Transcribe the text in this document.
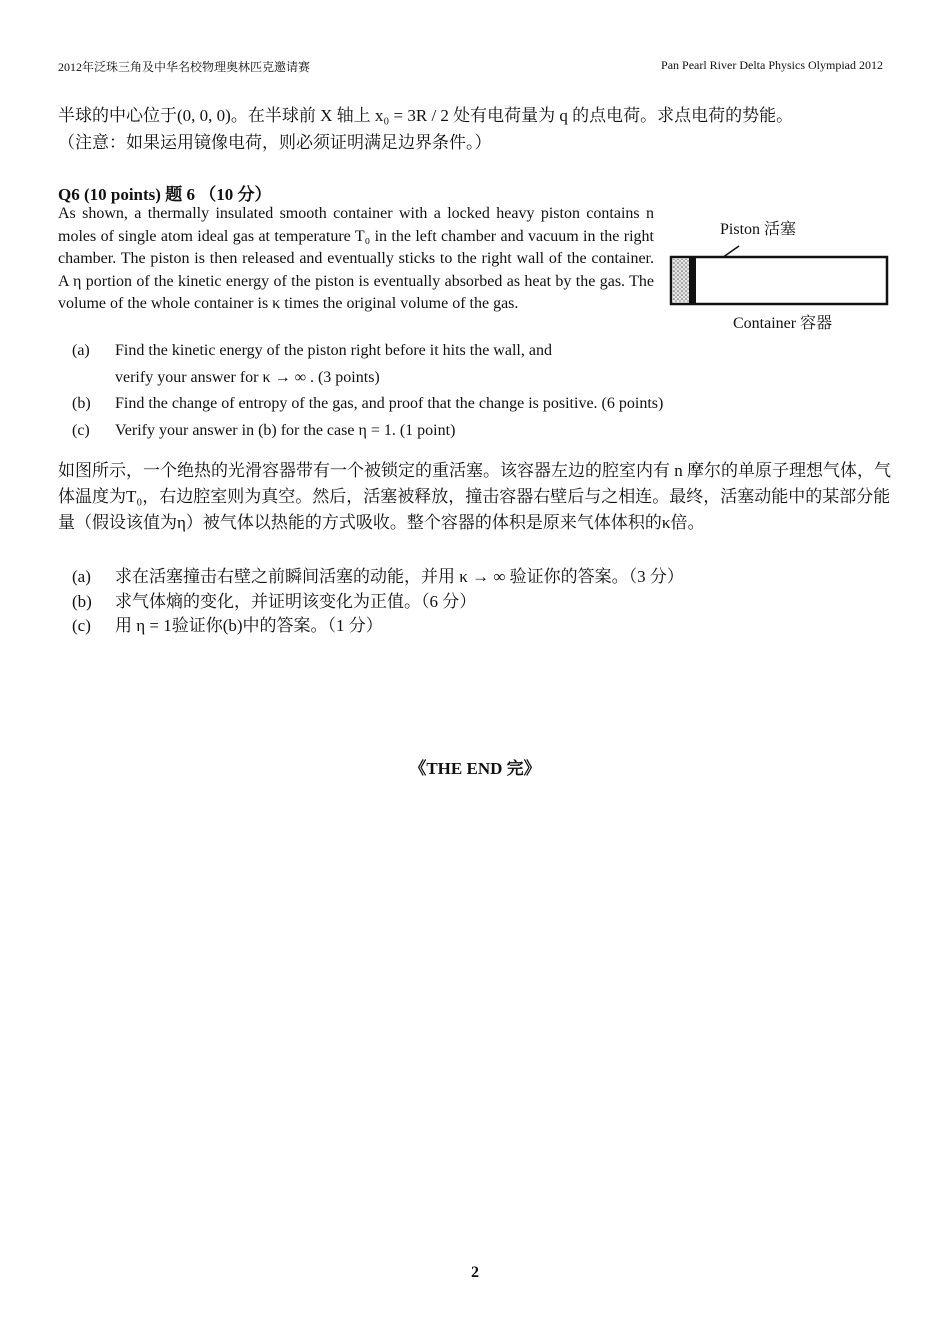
2012年泛珠三角及中华名校物理奥林匹克邀请赛	Pan Pearl River Delta Physics Olympiad 2012
半球的中心位于(0, 0, 0)。在半球前 X 轴上 x₀ = 3R / 2 处有电荷量为 q 的点电荷。求点电荷的势能。
（注意：如果运用镜像电荷，则必须证明满足边界条件。）
Q6 (10 points) 题 6 （10 分）
As shown, a thermally insulated smooth container with a locked heavy piston contains n moles of single atom ideal gas at temperature T₀ in the left chamber and vacuum in the right chamber. The piston is then released and eventually sticks to the right wall of the container. A η portion of the kinetic energy of the piston is eventually absorbed as heat by the gas. The volume of the whole container is κ times the original volume of the gas.
Piston 活塞
Container 容器
(a)	Find the kinetic energy of the piston right before it hits the wall, and
verify your answer for κ → ∞ . (3 points)
(b)	Find the change of entropy of the gas, and proof that the change is positive. (6 points)
(c)	Verify your answer in (b) for the case η = 1. (1 point)
如图所示，一个绝热的光滑容器带有一个被锁定的重活塞。该容器左边的腔室内有 n 摩尔的单原子理想气体，气体温度为T₀，右边腔室则为真空。然后，活塞被释放，撞击容器右壁后与之相连。最终，活塞动能中的某部分能量（假设该值为η）被气体以热能的方式吸收。整个容器的体积是原来气体体积的κ倍。
(a)	求在活塞撞击右壁之前瞬间活塞的动能，并用 κ → ∞ 验证你的答案。（3 分）
(b)	求气体熵的变化，并证明该变化为正值。（6 分）
(c)	用 η = 1验证你(b)中的答案。（1 分）
《THE END 完》
2
